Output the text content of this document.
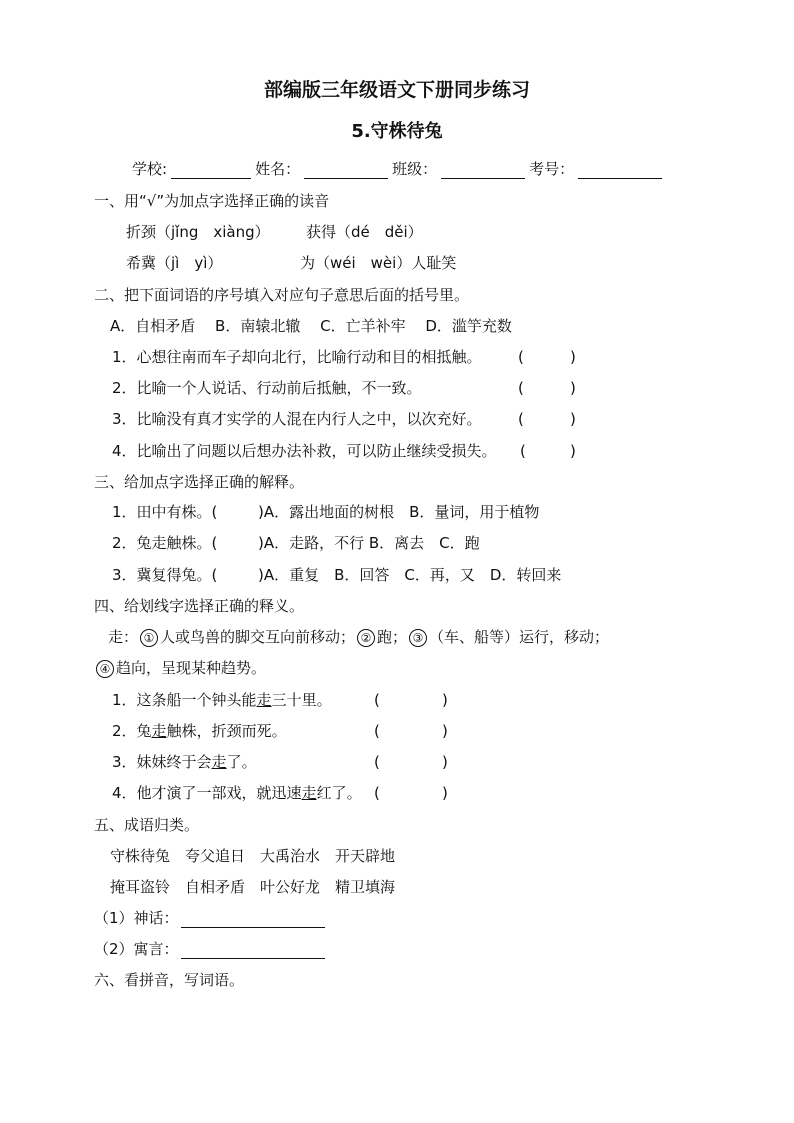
部编版三年级语文下册同步练习
5.守株待兔
学校:	姓名：	班级：	考号：
一、用“√”为加点字选择正确的读音
折颈（jǐng　xiàng） 获得（dé　děi）
希冀（jì　yì）	为（wéi　wèi）人耻笑
二、把下面词语的序号填入对应句子意思后面的括号里。
A．自相矛盾　 B．南辕北辙　 C．亡羊补牢　 D．滥竽充数
1．心想往南而车子却向北行，比喻行动和目的相抵触。 (	)
2．比喻一个人说话、行动前后抵触，不一致。	(	)
3．比喻没有真才实学的人混在内行人之中，以次充好。 (	)
4．比喻出了问题以后想办法补救，可以防止继续受损失。 (	)
三、给加点字选择正确的解释。
1．田中有株。(	)A．露出地面的树根　B．量词，用于植物
2．兔走触株。(	)A．走路，不行 B．离去　C．跑
3．冀复得兔。(	)A．重复　B．回答　C．再，又　D．转回来
四、给划线字选择正确的释义。
走： ① 人或鸟兽的脚交互向前移动； ② 跑； ③ （车、船等）运行，移动；
④ 趋向，呈现某种趋势。
1．这条船一个钟头能走三十里。	(	)
2．兔走触株，折颈而死。	(	)
3．妹妹终于会走了。	(	)
4．他才演了一部戏，就迅速走红了。 (	)
五、成语归类。
守株待兔　夸父追日　大禹治水　开天辟地
掩耳盗铃　自相矛盾　叶公好龙　精卫填海
（1）神话：
（2）寓言：
六、看拼音，写词语。
